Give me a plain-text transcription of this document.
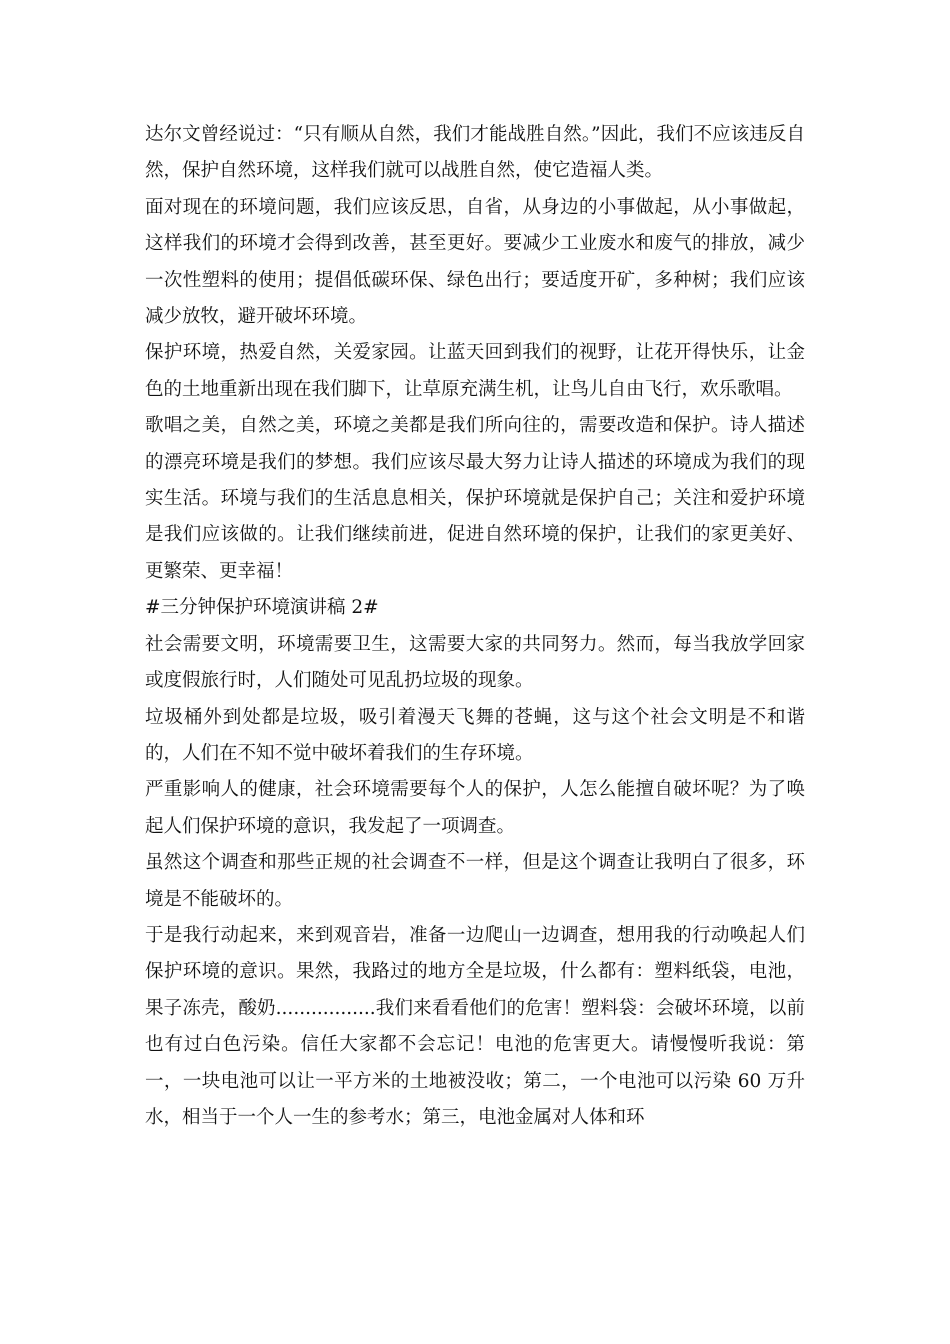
达尔文曾经说过：“只有顺从自然，我们才能战胜自然。”因此，我们不应该违反自然，保护自然环境，这样我们就可以战胜自然，使它造福人类。

面对现在的环境问题，我们应该反思，自省，从身边的小事做起，从小事做起，这样我们的环境才会得到改善，甚至更好。要减少工业废水和废气的排放，减少一次性塑料的使用；提倡低碳环保、绿色出行；要适度开矿，多种树；我们应该减少放牧，避开破坏环境。

保护环境，热爱自然，关爱家园。让蓝天回到我们的视野，让花开得快乐，让金色的土地重新出现在我们脚下，让草原充满生机，让鸟儿自由飞行，欢乐歌唱。

歌唱之美，自然之美，环境之美都是我们所向往的，需要改造和保护。诗人描述的漂亮环境是我们的梦想。我们应该尽最大努力让诗人描述的环境成为我们的现实生活。环境与我们的生活息息相关，保护环境就是保护自己；关注和爱护环境是我们应该做的。让我们继续前进，促进自然环境的保护，让我们的家更美好、更繁荣、更幸福！

#三分钟保护环境演讲稿 2#

社会需要文明，环境需要卫生，这需要大家的共同努力。然而，每当我放学回家或度假旅行时，人们随处可见乱扔垃圾的现象。

垃圾桶外到处都是垃圾，吸引着漫天飞舞的苍蝇，这与这个社会文明是不和谐的，人们在不知不觉中破坏着我们的生存环境。

严重影响人的健康，社会环境需要每个人的保护，人怎么能擅自破坏呢？为了唤起人们保护环境的意识，我发起了一项调查。

虽然这个调查和那些正规的社会调查不一样，但是这个调查让我明白了很多，环境是不能破坏的。

于是我行动起来，来到观音岩，准备一边爬山一边调查，想用我的行动唤起人们保护环境的意识。果然，我路过的地方全是垃圾，什么都有：塑料纸袋，电池，果子冻壳，酸奶.................我们来看看他们的危害！塑料袋：会破坏环境，以前也有过白色污染。信任大家都不会忘记！电池的危害更大。请慢慢听我说：第一，一块电池可以让一平方米的土地被没收；第二，一个电池可以污染 60 万升水，相当于一个人一生的参考水；第三，电池金属对人体和环
